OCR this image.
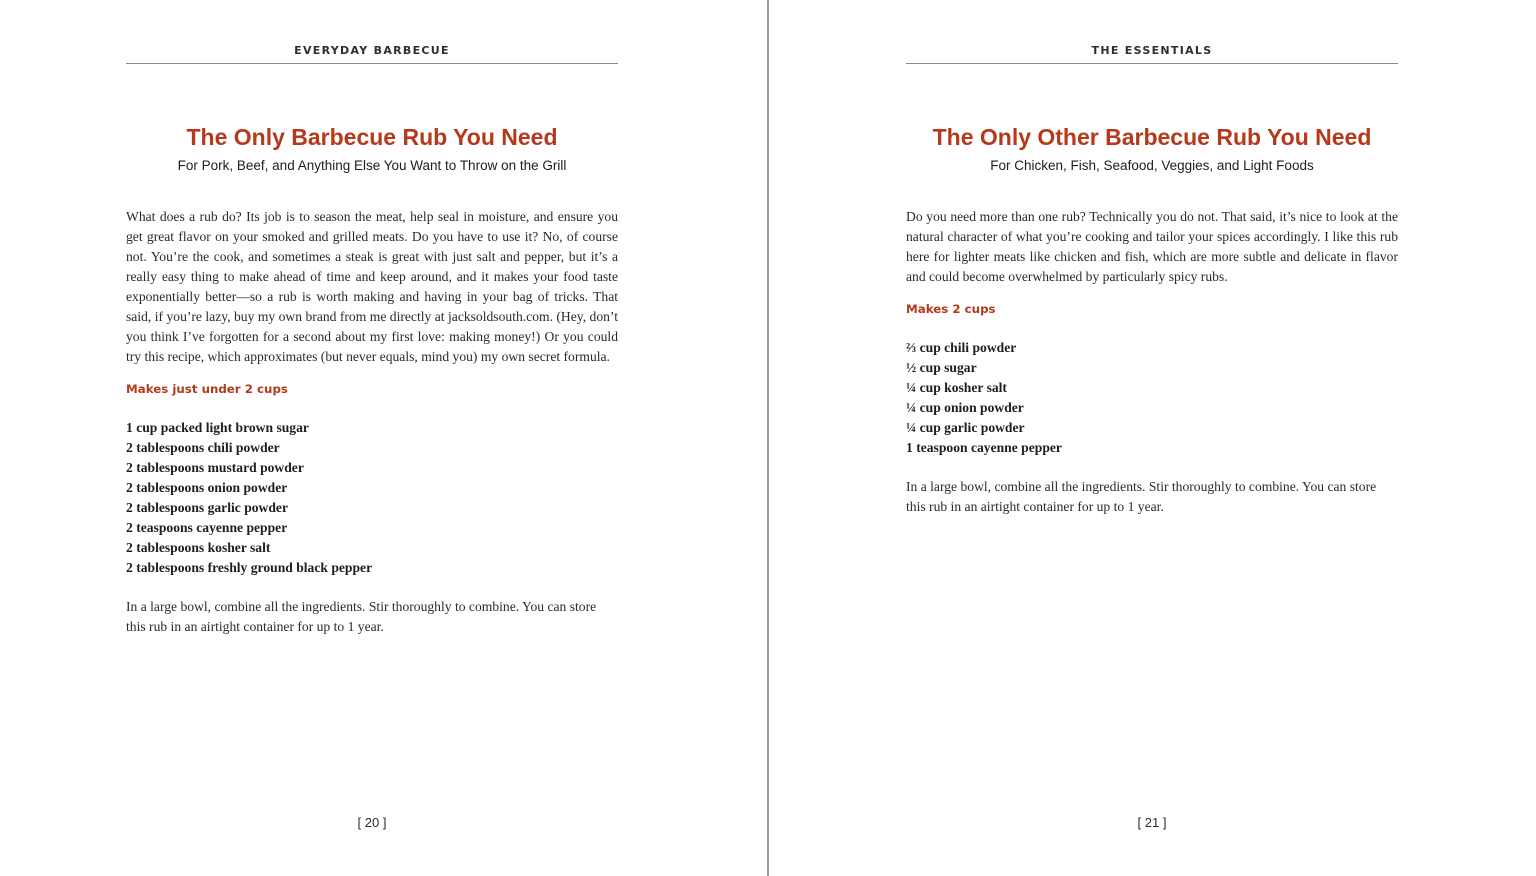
EVERYDAY BARBECUE
The Only Barbecue Rub You Need
For Pork, Beef, and Anything Else You Want to Throw on the Grill

What does a rub do? Its job is to season the meat, help seal in moisture, and ensure you get great flavor on your smoked and grilled meats. Do you have to use it? No, of course not. You’re the cook, and sometimes a steak is great with just salt and pepper, but it’s a really easy thing to make ahead of time and keep around, and it makes your food taste exponentially better—so a rub is worth making and having in your bag of tricks. That said, if you’re lazy, buy my own brand from me directly at jacksoldsouth.com. (Hey, don’t you think I’ve forgotten for a second about my first love: making money!) Or you could try this recipe, which approximates (but never equals, mind you) my own secret formula.

Makes just under 2 cups
1 cup packed light brown sugar
2 tablespoons chili powder
2 tablespoons mustard powder
2 tablespoons onion powder
2 tablespoons garlic powder
2 teaspoons cayenne pepper
2 tablespoons kosher salt
2 tablespoons freshly ground black pepper

In a large bowl, combine all the ingredients. Stir thoroughly to combine. You can store this rub in an airtight container for up to 1 year.

[ 20 ]
THE ESSENTIALS
The Only Other Barbecue Rub You Need
For Chicken, Fish, Seafood, Veggies, and Light Foods

Do you need more than one rub? Technically you do not. That said, it’s nice to look at the natural character of what you’re cooking and tailor your spices accordingly. I like this rub here for lighter meats like chicken and fish, which are more subtle and delicate in flavor and could become overwhelmed by particularly spicy rubs.

Makes 2 cups
⅔ cup chili powder
½ cup sugar
¼ cup kosher salt
¼ cup onion powder
¼ cup garlic powder
1 teaspoon cayenne pepper

In a large bowl, combine all the ingredients. Stir thoroughly to combine. You can store this rub in an airtight container for up to 1 year.

[ 21 ]
